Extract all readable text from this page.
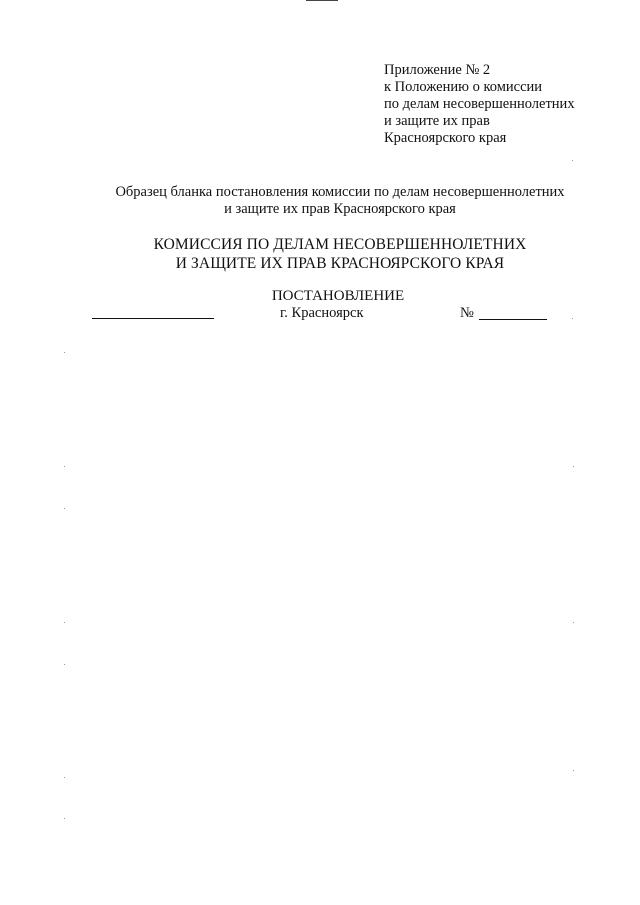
Приложение № 2
к Положению о комиссии
по делам несовершеннолетних
и защите их прав
Красноярского края
Образец бланка постановления комиссии по делам несовершеннолетних
и защите их прав Красноярского края
КОМИССИЯ ПО ДЕЛАМ НЕСОВЕРШЕННОЛЕТНИХ
И ЗАЩИТЕ ИХ ПРАВ КРАСНОЯРСКОГО КРАЯ
ПОСТАНОВЛЕНИЕ
г. Красноярск	№
